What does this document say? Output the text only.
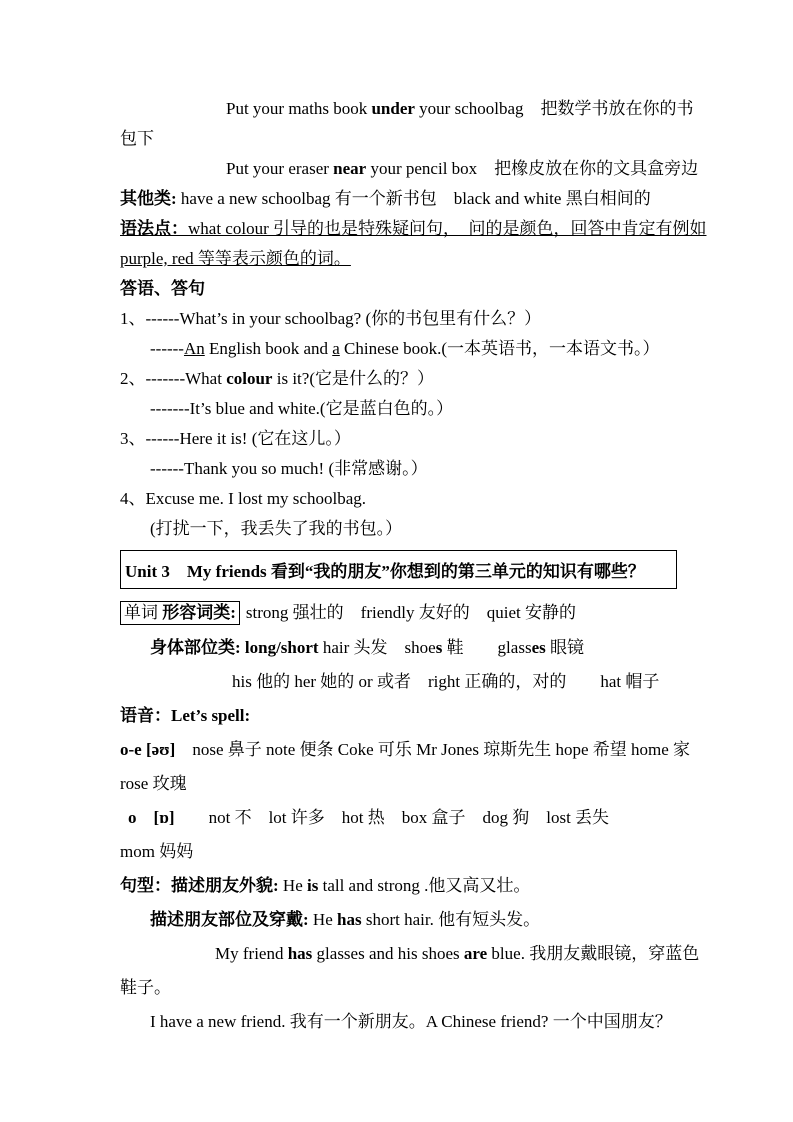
Put your maths book under your schoolbag　把数学书放在你的书

包下

Put your eraser near your pencil box　把橡皮放在你的文具盒旁边

其他类: have a new schoolbag 有一个新书包　black and white 黑白相间的

语法点：what colour 引导的也是特殊疑问句，　问的是颜色，回答中肯定有例如

purple, red 等等表示颜色的词。

答语、答句

1、------What’s in your schoolbag? (你的书包里有什么？）

------An English book and a Chinese book.(一本英语书，一本语文书。）

2、-------What colour is it?(它是什么的？）

-------It’s blue and white.(它是蓝白色的。）

3、------Here it is! (它在这儿。）

------Thank you so much! (非常感谢。）

4、Excuse me. I lost my schoolbag.

(打扰一下，我丢失了我的书包。）

Unit 3　My friends 看到“我的朋友”你想到的第三单元的知识有哪些？

单词 形容词类: strong 强壮的　friendly 友好的　quiet 安静的

身体部位类: long/short hair 头发　shoes 鞋　　glasses 眼镜

his 他的 her 她的 or 或者　right 正确的，对的　　hat 帽子

语音：Let’s spell:

o-e [əʊ]　nose 鼻子 note 便条 Coke 可乐 Mr Jones 琼斯先生 hope 希望 home 家

rose 玫瑰

o　[ɒ]　　not 不　lot 许多　hot 热　box 盒子　dog 狗　lost 丢失

mom 妈妈

句型：描述朋友外貌: He is tall and strong .他又高又壮。

描述朋友部位及穿戴: He has short hair. 他有短头发。

My friend has glasses and his shoes are blue. 我朋友戴眼镜，穿蓝色

鞋子。

I have a new friend. 我有一个新朋友。A Chinese friend? 一个中国朋友？
